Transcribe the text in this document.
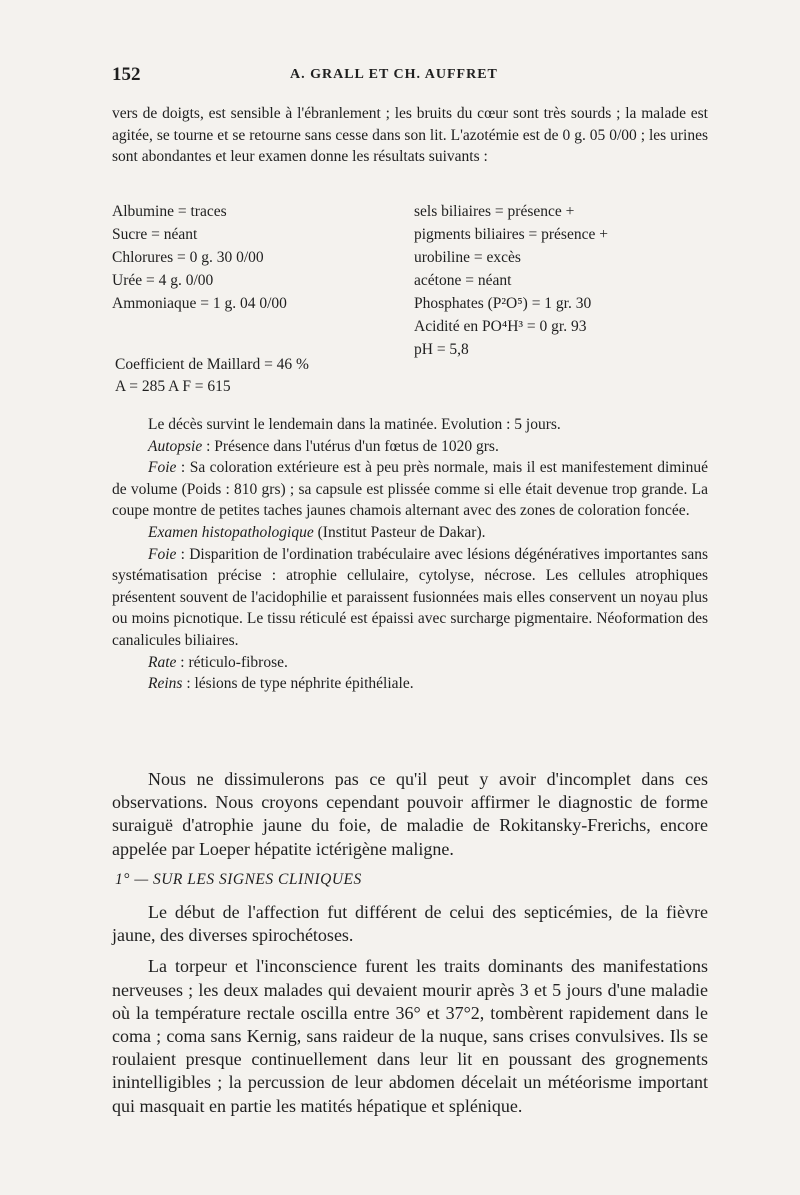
152	A. GRALL ET CH. AUFFRET

vers de doigts, est sensible à l'ébranlement ; les bruits du cœur sont très sourds ; la malade est agitée, se tourne et se retourne sans cesse dans son lit. L'azotémie est de 0 g. 05 0/00 ; les urines sont abondantes et leur examen donne les résultats suivants :

Albumine = traces
Sucre = néant
Chlorures = 0 g. 30 0/00
Urée = 4 g. 0/00
Ammoniaque = 1 g. 04 0/00
sels biliaires = présence +
pigments biliaires = présence +
urobiline = excès
acétone = néant
Phosphates (P²O⁵) = 1 gr. 30
Acidité en PO⁴H³ = 0 gr. 93
pH = 5,8
Coefficient de Maillard = 46 %
A = 285 A F = 615

Le décès survint le lendemain dans la matinée. Evolution : 5 jours.

Autopsie : Présence dans l'utérus d'un fœtus de 1020 grs.

Foie : Sa coloration extérieure est à peu près normale, mais il est manifestement diminué de volume (Poids : 810 grs) ; sa capsule est plissée comme si elle était devenue trop grande. La coupe montre de petites taches jaunes chamois alternant avec des zones de coloration foncée.

Examen histopathologique (Institut Pasteur de Dakar).

Foie : Disparition de l'ordination trabéculaire avec lésions dégénératives importantes sans systématisation précise : atrophie cellulaire, cytolyse, nécrose. Les cellules atrophiques présentent souvent de l'acidophilie et paraissent fusionnées mais elles conservent un noyau plus ou moins picnotique. Le tissu réticulé est épaissi avec surcharge pigmentaire. Néoformation des canalicules biliaires.

Rate : réticulo-fibrose.

Reins : lésions de type néphrite épithéliale.

Nous ne dissimulerons pas ce qu'il peut y avoir d'incomplet dans ces observations. Nous croyons cependant pouvoir affirmer le diagnostic de forme suraiguë d'atrophie jaune du foie, de maladie de Rokitansky-Frerichs, encore appelée par Loeper hépatite ictérigène maligne.

1° — SUR LES SIGNES CLINIQUES

Le début de l'affection fut différent de celui des septicémies, de la fièvre jaune, des diverses spirochétoses.

La torpeur et l'inconscience furent les traits dominants des manifestations nerveuses ; les deux malades qui devaient mourir après 3 et 5 jours d'une maladie où la température rectale oscilla entre 36° et 37°2, tombèrent rapidement dans le coma ; coma sans Kernig, sans raideur de la nuque, sans crises convulsives. Ils se roulaient presque continuellement dans leur lit en poussant des grognements inintelligibles ; la percussion de leur abdomen décelait un météorisme important qui masquait en partie les matités hépatique et splénique.
